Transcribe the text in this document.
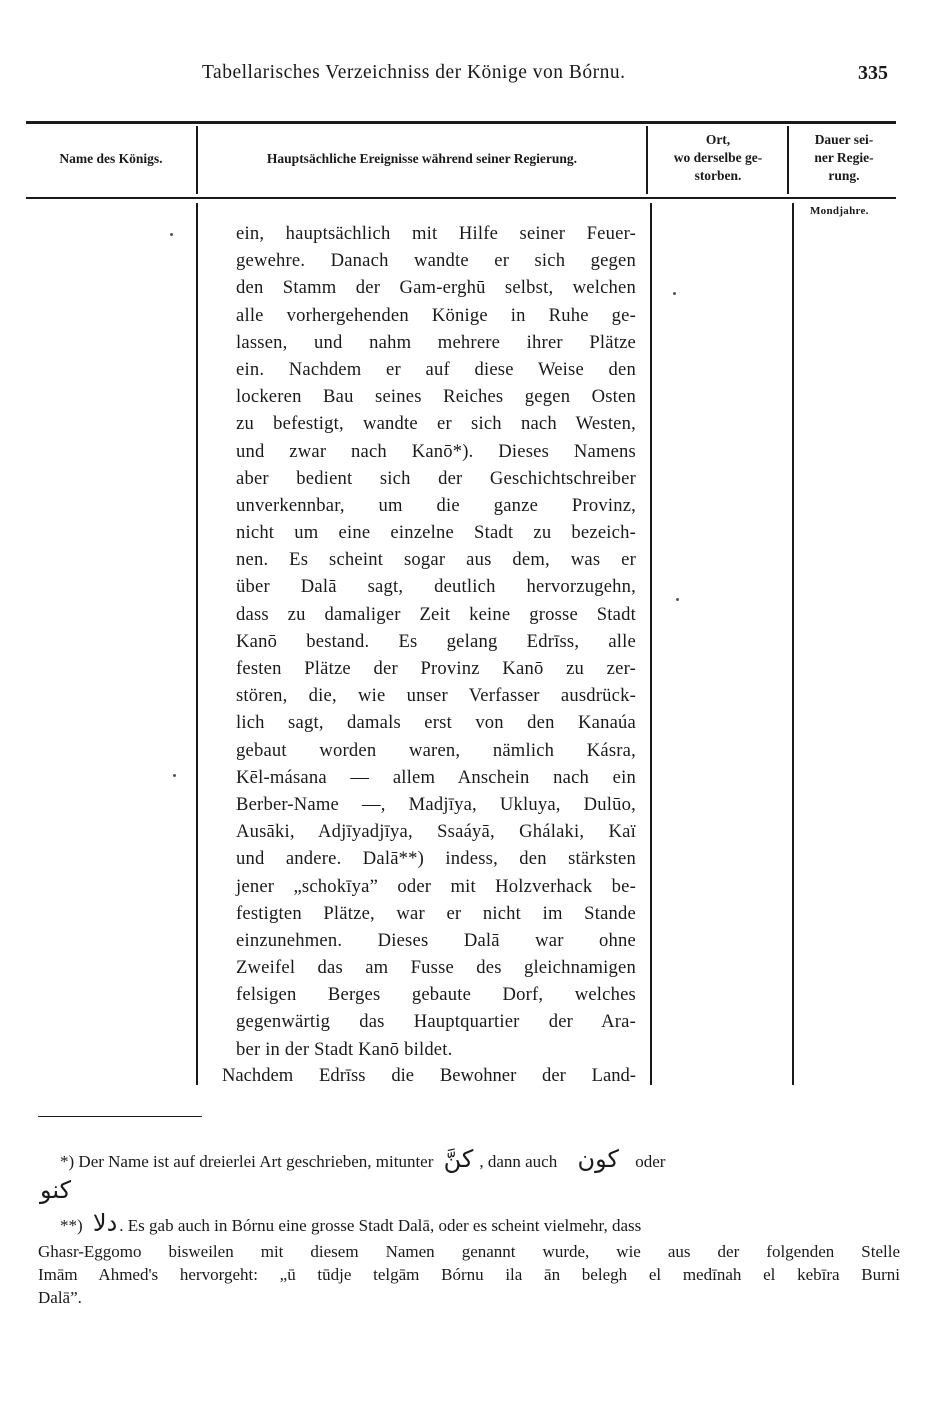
Tabellarisches Verzeichniss der Könige von Bórnu.	335
Name des Königs.	Hauptsächliche Ereignisse während seiner Regierung.
Ort,
wo derselbe ge-
storben.
Dauer sei-
ner Regie-
rung.
Mondjahre.
ein, hauptsächlich mit Hilfe seiner Feuer-
gewehre. Danach wandte er sich gegen
den Stamm der Gam-erghū selbst, welchen
alle vorhergehenden Könige in Ruhe ge-
lassen, und nahm mehrere ihrer Plätze
ein. Nachdem er auf diese Weise den
lockeren Bau seines Reiches gegen Osten
zu befestigt, wandte er sich nach Westen,
und zwar nach Kanō*). Dieses Namens
aber bedient sich der Geschichtschreiber
unverkennbar, um die ganze Provinz,
nicht um eine einzelne Stadt zu bezeich-
nen. Es scheint sogar aus dem, was er
über Dalā sagt, deutlich hervorzugehn,
dass zu damaliger Zeit keine grosse Stadt
Kanō bestand. Es gelang Edrīss, alle
festen Plätze der Provinz Kanō zu zer-
stören, die, wie unser Verfasser ausdrück-
lich sagt, damals erst von den Kanaúa
gebaut worden waren, nämlich Kásra,
Kēl-másana — allem Anschein nach ein
Berber-Name —, Madjīya, Ukluya, Dulūo,
Ausāki, Adjīyadjīya, Ssaáyā, Ghálaki, Kaï
und andere. Dalā**) indess, den stärksten
jener „schokīya” oder mit Holzverhack be-
festigten Plätze, war er nicht im Stande
einzunehmen. Dieses Dalā war ohne
Zweifel das am Fusse des gleichnamigen
felsigen Berges gebaute Dorf, welches
gegenwärtig das Hauptquartier der Ara-
ber in der Stadt Kanō bildet.
Nachdem Edrīss die Bewohner der Land-
*) Der Name ist auf dreierlei Art geschrieben, mitunter كنَّ , dann auch كون oder
كنو
**) دلا . Es gab auch in Bórnu eine grosse Stadt Dalā, oder es scheint vielmehr, dass
Ghasr-Eggomo bisweilen mit diesem Namen genannt wurde, wie aus der folgenden Stelle
Imām Ahmed's hervorgeht: „ū tūdje telgām Bórnu ila ān belegh el medīnah el kebīra Burni
Dalā”.
